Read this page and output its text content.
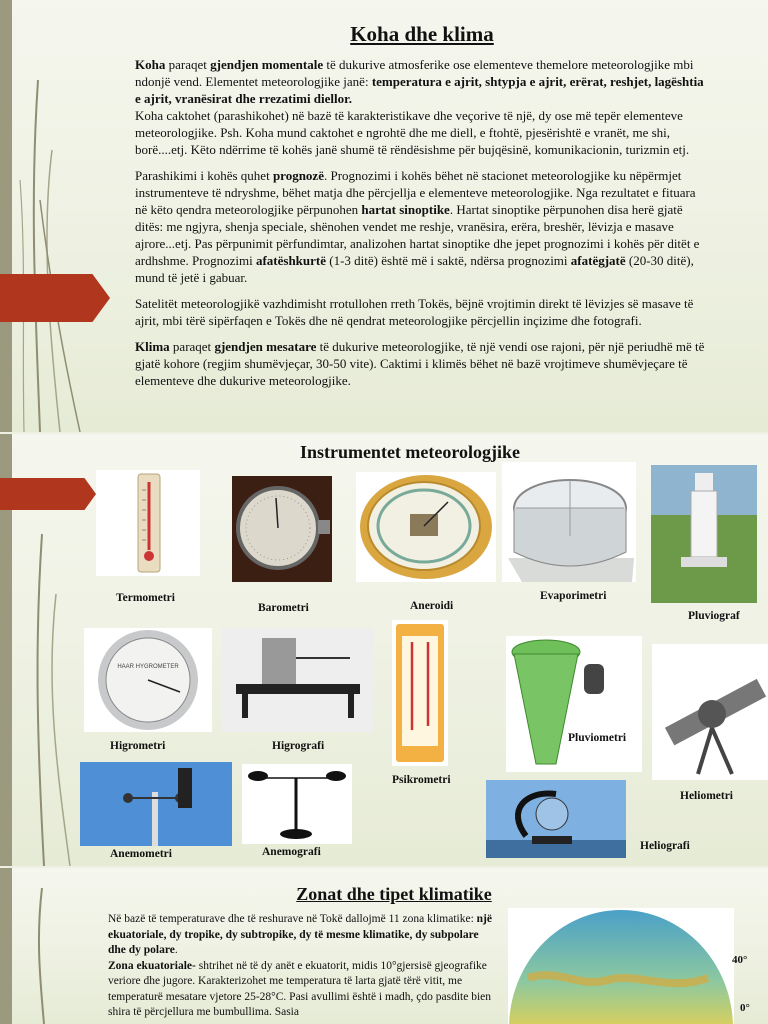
Koha dhe klima

Koha paraqet gjendjen momentale të dukurive atmosferike ose elementeve themelore meteorologjike mbi ndonjë vend. Elementet meteorologjike janë: temperatura e ajrit, shtypja e ajrit, erërat, reshjet, lagështia e ajrit, vranësirat dhe rrezatimi diellor.
Koha caktohet (parashikohet) në bazë të karakteristikave dhe veçorive të një, dy ose më tepër elementeve meteorologjike. Psh. Koha mund caktohet e ngrohtë dhe me diell, e ftohtë, pjesërishtë e vranët, me shi, borë....etj. Këto ndërrime të kohës janë shumë të rëndësishme për bujqësinë, komunikacionin, turizmin etj.

Parashikimi i kohës quhet prognozë. Prognozimi i kohës bëhet në stacionet meteorologjike ku nëpërmjet instrumenteve të ndryshme, bëhet matja dhe përcjellja e elementeve meteorologjike. Nga rezultatet e fituara në këto qendra meteorologjike përpunohen hartat sinoptike. Hartat sinoptike përpunohen disa herë gjatë ditës: me ngjyra, shenja speciale, shënohen vendet me reshje, vranësira, erëra, breshër, lëvizja e masave ajrore...etj. Pas përpunimit përfundimtar, analizohen hartat sinoptike dhe jepet prognozimi i kohës për ditët e ardhshme. Prognozimi afatëshkurtë (1-3 ditë) është më i saktë, ndërsa prognozimi afatëgjatë (20-30 ditë), mund të jetë i gabuar.

Satelitët meteorologjikë vazhdimisht rrotullohen rreth Tokës, bëjnë vrojtimin direkt të lëvizjes së masave të ajrit, mbi tërë sipërfaqen e Tokës dhe në qendrat meteorologjike përcjellin inçizime dhe fotografi.

Klima paraqet gjendjen mesatare të dukurive meteorologjike, të një vendi ose rajoni, për një periudhë më të gjatë kohore (regjim shumëvjeçar, 30-50 vite). Caktimi i klimës bëhet në bazë vrojtimeve shumëvjeçare të elementeve dhe dukurive meteorologjike.

Instrumentet meteorologjike
Termometri
Barometri	Aneroidi
Evaporimetri
Pluviograf
HAAR HYGROMETER
Higrometri	Higrografi
Psikrometri
Pluviometri
Heliometri
Anemometri	Anemografi	Heliografi
Zonat dhe tipet klimatike

Në bazë të temperaturave dhe të reshurave në Tokë dallojmë 11 zona klimatike: një ekuatoriale, dy tropike, dy subtropike, dy të mesme klimatike, dy subpolare dhe dy polare.

Zona ekuatoriale- shtrihet në të dy anët e ekuatorit, midis 10°gjersisë gjeografike veriore dhe jugore. Karakterizohet me temperatura të larta gjatë tërë vitit, me temperaturë mesatare vjetore 25-28°C. Pasi avullimi është i madh, çdo pasdite bien shira të përcjellura me bumbullima. Sasia

40°
0°
